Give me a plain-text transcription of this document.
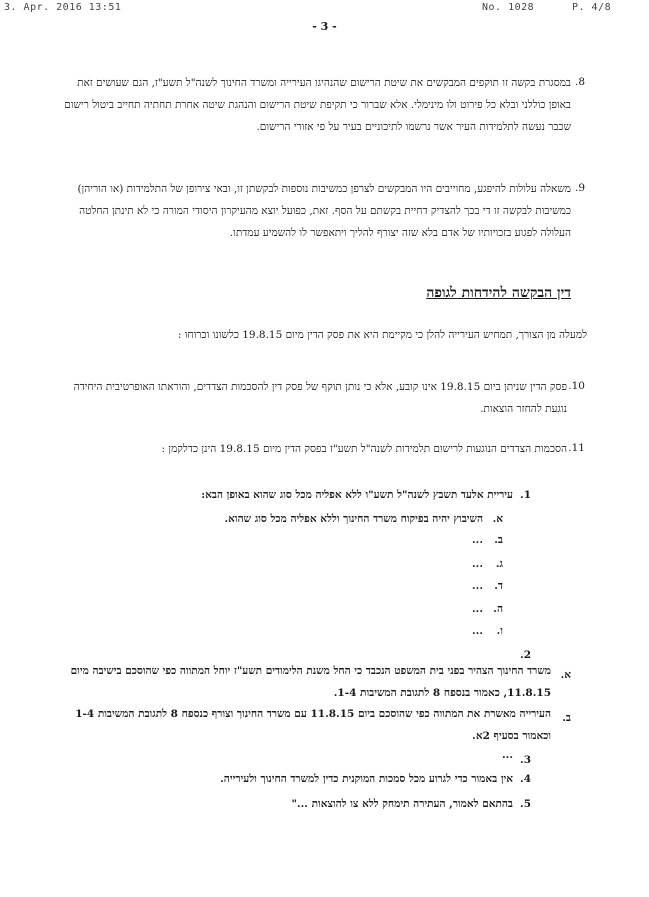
3. Apr. 2016 13:51	No. 1028	P. 4/8
- 3 -
8.
במסגרת בקשה זו תוקפים המבקשים את שיטת הרישום שהנהיגו העירייה ומשרד החינוך לשנה"ל תשע"ז, הגם שעושים זאת באופן כוללני ובלא כל פירוט ולו מינימלי. אלא שברור כי תקיפת שיטת הרישום והנהגת שיטה אחרת תחתיה תחייב ביטול רישום שכבר נעשה לתלמידות העיר אשר נרשמו לתיכוניים בעיר על פי אזורי הרישום.
9.
משאלה עלולות להיפגע, מחוייבים היו המבקשים לצרפן כמשיבות נוספות לבקשתן זו, ובאי צירופן של התלמידות (או הוריהן) כמשיבות לבקשה זו די בכך להצדיק דחיית בקשתם על הסף. זאת, כפועל יוצא מהעיקרון היסודי המורה כי לא תינתן החלטה העלולה לפגוע בזכויותיו של אדם בלא שזה יצורף להליך ויתאפשר לו להשמיע עמדתו.
דין הבקשה להידחות לגופה
למעלה מן הצורך, תמחיש העירייה להלן כי מקיימת היא את פסק הדין מיום 19.8.15 כלשונו וכרוחו :
10.
פסק הדין שניתן ביום 19.8.15 אינו קובע, אלא כי נותן תוקף של פסק דין להסכמות הצדדים, והוראתו האופרטיבית היחידה נוגעת להחזר הוצאות.
11.
הסכמות הצדדים הנוגעות לרישום תלמידות לשנה"ל תשע"ז בפסק הדין מיום 19.8.15 הינן כדלקמן :
1.
עיריית אלעד תשבץ לשנה"ל תשע"ו ללא אפליה מכל סוג שהוא באופן הבא:
א.
השיבוץ יהיה בפיקוח משרד החינוך וללא אפליה מכל סוג שהוא.
ב.
...
ג.
...
ד.
...
ה.
...
ו.
...
2.
א.
משרד החינוך הצהיר בפני בית המשפט הנכבד כי החל משנת הלימודים תשע"ז יוחל המתווה כפי שהוסכם בישיבה מיום 11.8.15, כאמור בנספח 8 לתגובת המשיבות 1-4.
ב.
העירייה מאשרת את המתווה כפי שהוסכם ביום 11.8.15 עם משרד החינוך וצורף כנספח 8 לתגובת המשיבות 1-4 וכאמור בסעיף 2א.
3.
...
4.
אין באמור כדי לגרוע מכל סמכות המוקנית כדין למשרד החינוך ולעירייה.
5.
בהתאם לאמור, העתירה תימחק ללא צו להוצאות ..."
